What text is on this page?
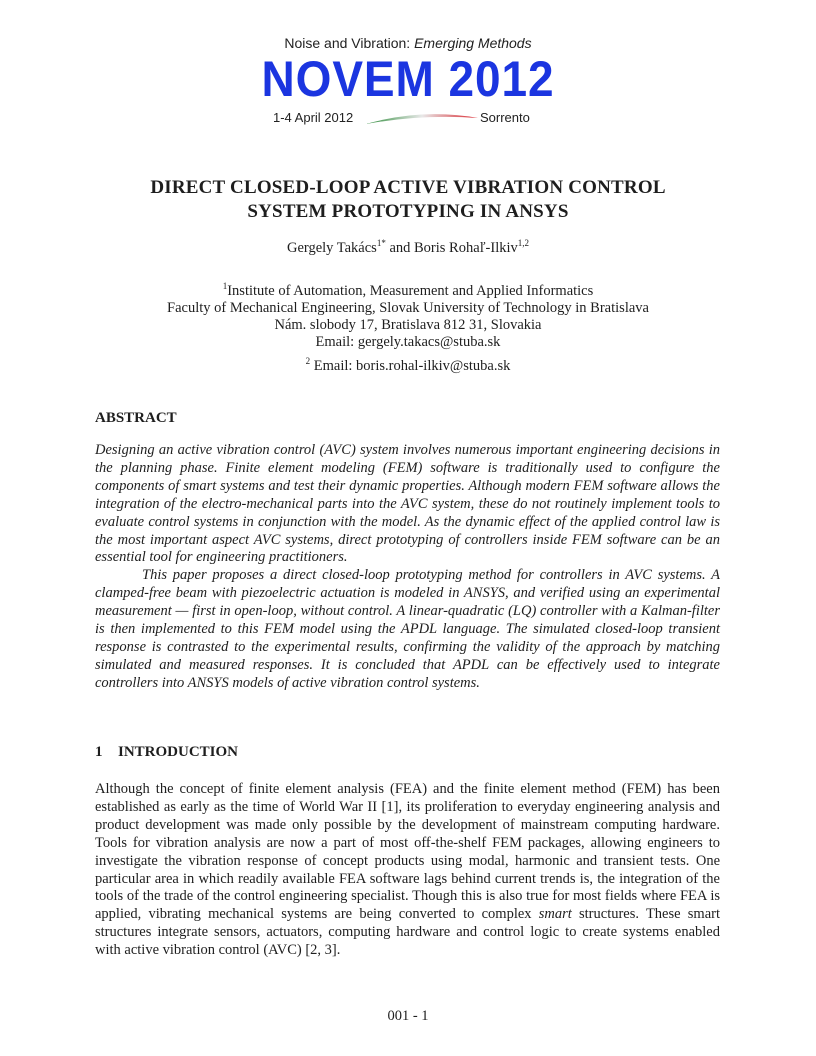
Noise and Vibration: Emerging Methods
NOVEM 2012
1-4 April 2012	Sorrento
DIRECT CLOSED-LOOP ACTIVE VIBRATION CONTROL
SYSTEM PROTOTYPING IN ANSYS
Gergely Takács$^{1*}$ and Boris Rohaľ-Ilkiv$^{1,2}$
$^1$Institute of Automation, Measurement and Applied Informatics
Faculty of Mechanical Engineering, Slovak University of Technology in Bratislava
Nám. slobody 17, Bratislava 812 31, Slovakia
Email: gergely.takacs@stuba.sk
$^2$ Email: boris.rohal-ilkiv@stuba.sk
ABSTRACT

Designing an active vibration control (AVC) system involves numerous important engineering decisions in the planning phase. Finite element modeling (FEM) software is traditionally used to configure the components of smart systems and test their dynamic properties. Although modern FEM software allows the integration of the electro-mechanical parts into the AVC system, these do not routinely implement tools to evaluate control systems in conjunction with the model. As the dynamic effect of the applied control law is the most important aspect AVC systems, direct prototyping of controllers inside FEM software can be an essential tool for engineering practitioners.

This paper proposes a direct closed-loop prototyping method for controllers in AVC systems. A clamped-free beam with piezoelectric actuation is modeled in ANSYS, and verified using an experimental measurement — first in open-loop, without control. A linear-quadratic (LQ) controller with a Kalman-filter is then implemented to this FEM model using the APDL language. The simulated closed-loop transient response is contrasted to the experimental results, confirming the validity of the approach by matching simulated and measured responses. It is concluded that APDL can be effectively used to integrate controllers into ANSYS models of active vibration control systems.

1 INTRODUCTION

Although the concept of finite element analysis (FEA) and the finite element method (FEM) has been established as early as the time of World War II [1], its proliferation to everyday engineering analysis and product development was made only possible by the development of mainstream computing hardware. Tools for vibration analysis are now a part of most off-the-shelf FEM packages, allowing engineers to investigate the vibration response of concept products using modal, harmonic and transient tests. One particular area in which readily available FEA software lags behind current trends is, the integration of the tools of the trade of the control engineering specialist. Though this is also true for most fields where FEA is applied, vibrating mechanical systems are being converted to complex smart structures. These smart structures integrate sensors, actuators, computing hardware and control logic to create systems enabled with active vibration control (AVC) [2, 3].

001 - 1
